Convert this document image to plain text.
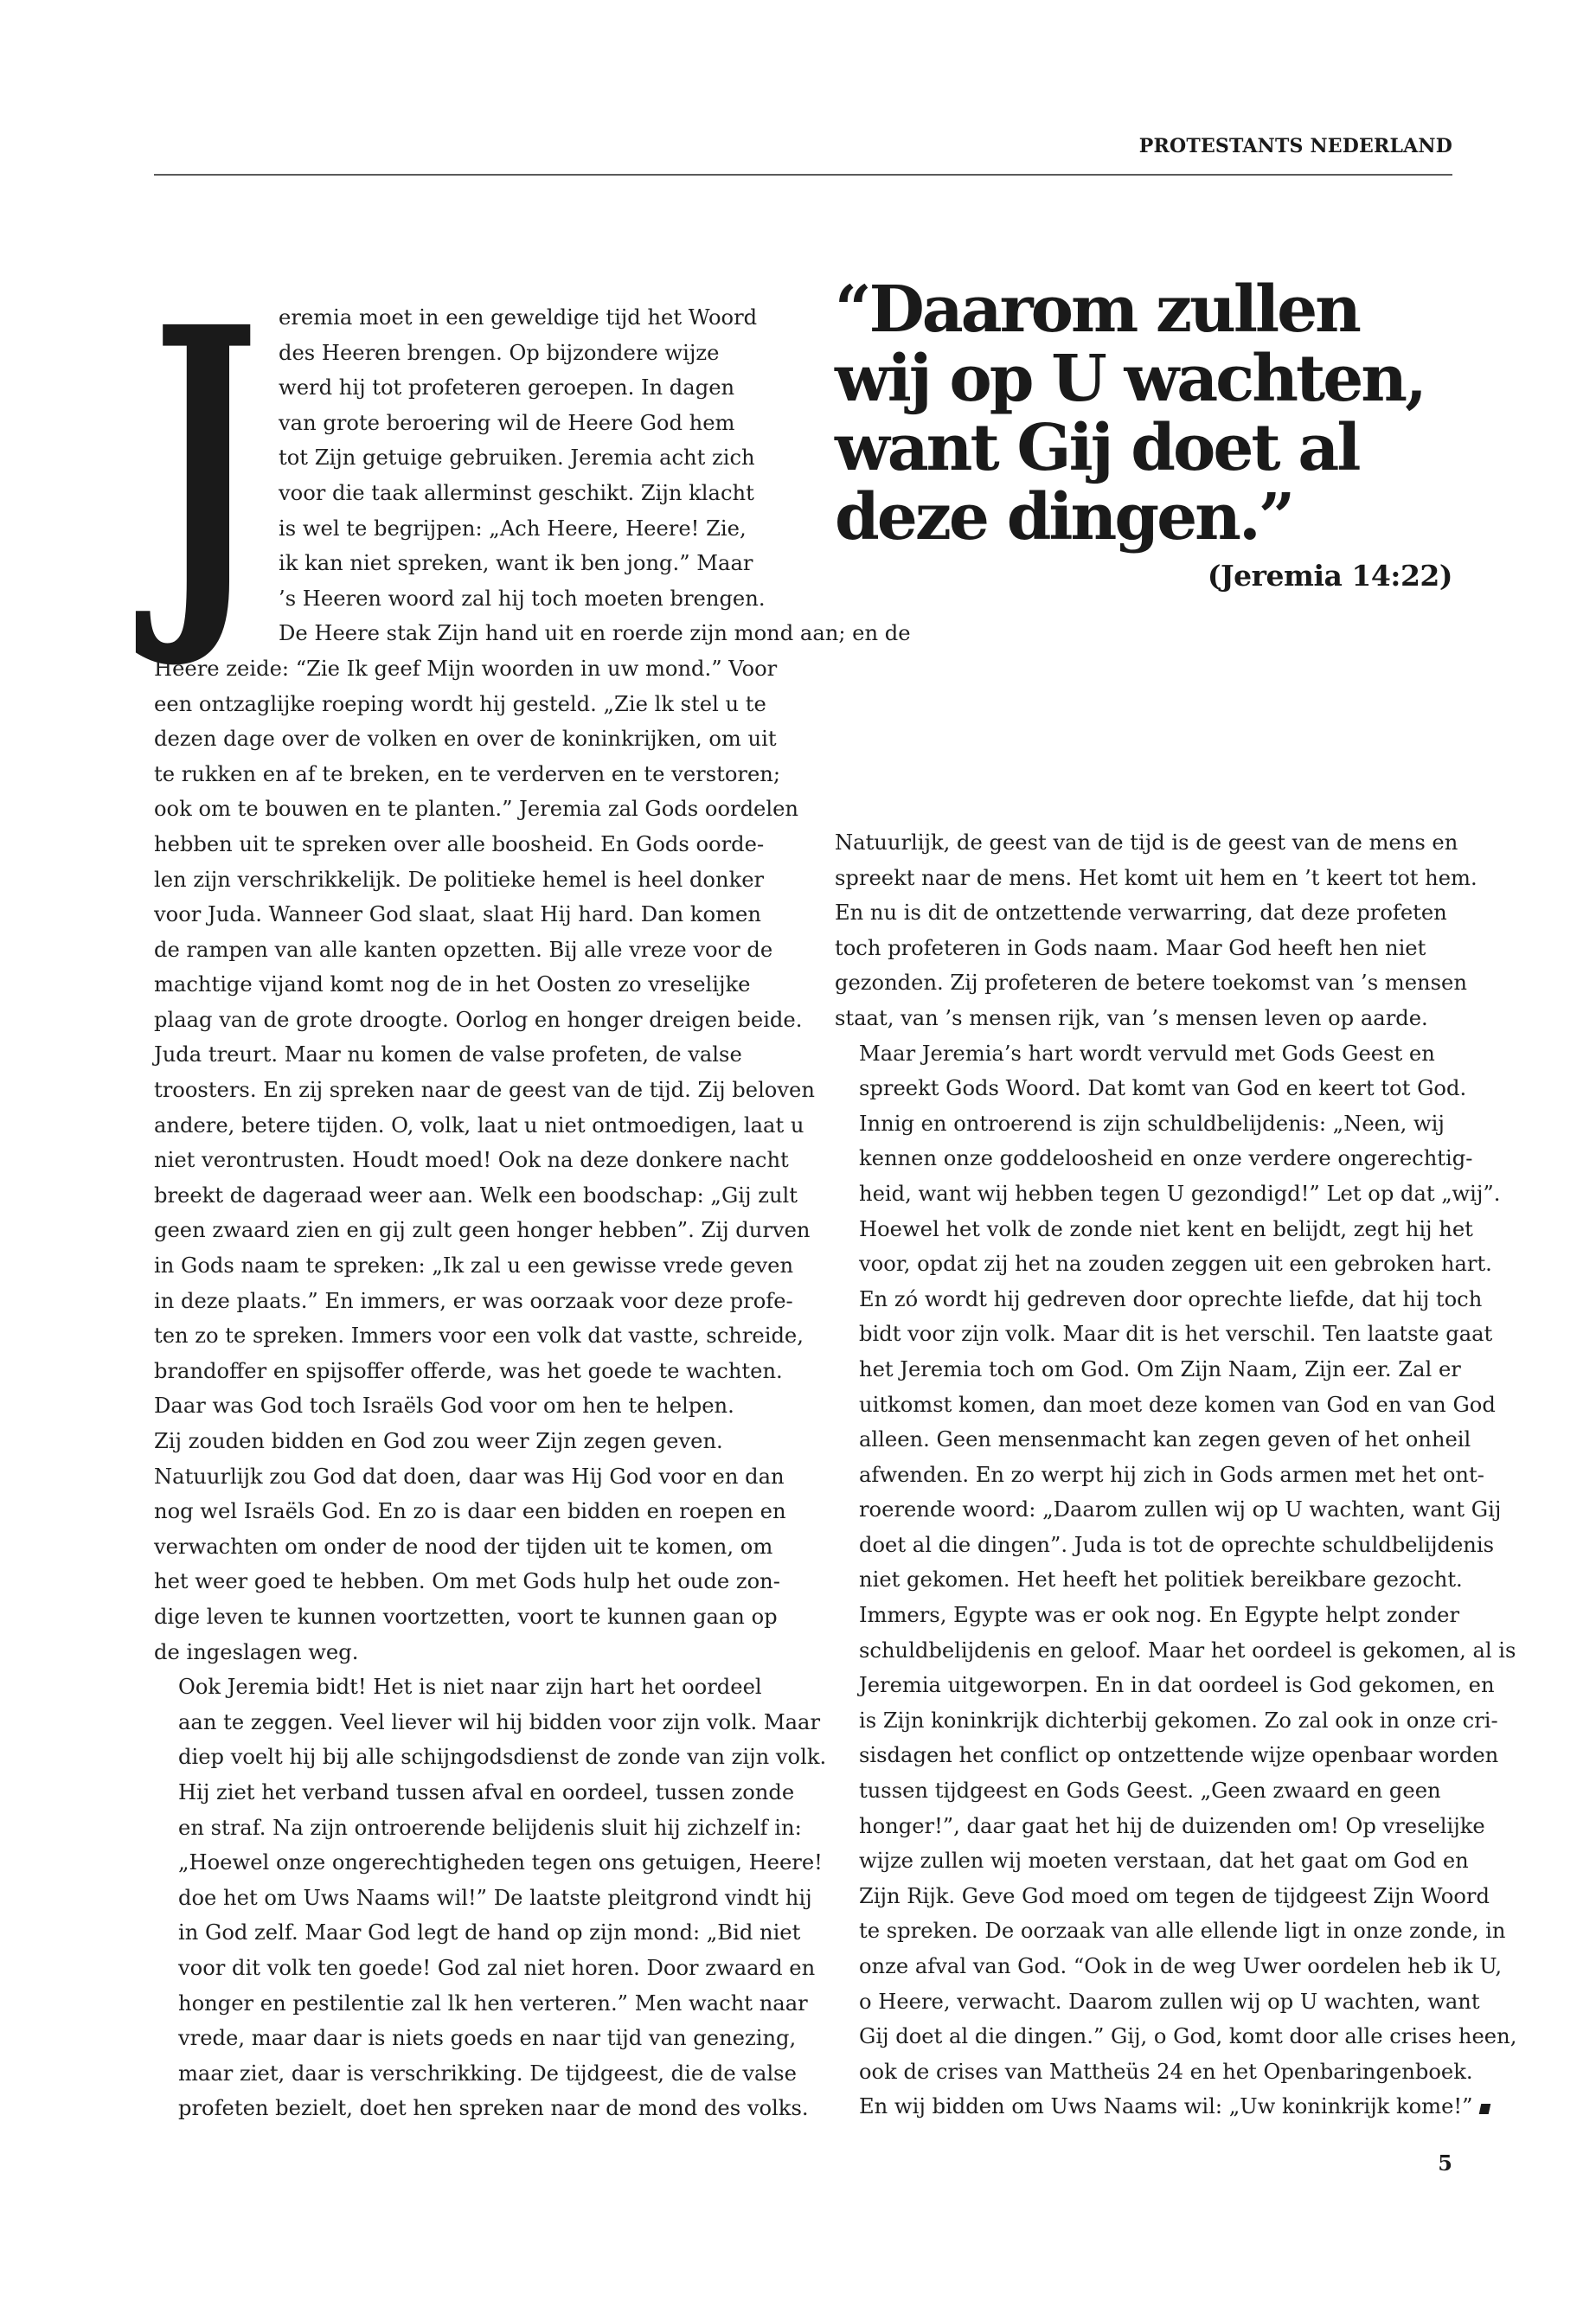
PROTESTANTS NEDERLAND

J eremia moet in een geweldige tijd het Woord
des Heeren brengen. Op bijzondere wijze
werd hij tot profeteren geroepen. In dagen
van grote beroering wil de Heere God hem
tot Zijn getuige gebruiken. Jeremia acht zich
voor die taak allerminst geschikt. Zijn klacht
is wel te begrijpen: „Ach Heere, Heere! Zie,
ik kan niet spreken, want ik ben jong.” Maar
’s Heeren woord zal hij toch moeten brengen.
De Heere stak Zijn hand uit en roerde zijn mond aan; en de
Heere zeide: “Zie Ik geef Mijn woorden in uw mond.” Voor
een ontzaglijke roeping wordt hij gesteld. „Zie lk stel u te
dezen dage over de volken en over de koninkrijken, om uit
te rukken en af te breken, en te verderven en te verstoren;
ook om te bouwen en te planten.” Jeremia zal Gods oordelen
hebben uit te spreken over alle boosheid. En Gods oorde-
len zijn verschrikkelijk. De politieke hemel is heel donker
voor Juda. Wanneer God slaat, slaat Hij hard. Dan komen
de rampen van alle kanten opzetten. Bij alle vreze voor de
machtige vijand komt nog de in het Oosten zo vreselijke
plaag van de grote droogte. Oorlog en honger dreigen beide.
Juda treurt. Maar nu komen de valse profeten, de valse
troosters. En zij spreken naar de geest van de tijd. Zij beloven
andere, betere tijden. O, volk, laat u niet ontmoedigen, laat u
niet verontrusten. Houdt moed! Ook na deze donkere nacht
breekt de dageraad weer aan. Welk een boodschap: „Gij zult
geen zwaard zien en gij zult geen honger hebben”. Zij durven
in Gods naam te spreken: „Ik zal u een gewisse vrede geven
in deze plaats.” En immers, er was oorzaak voor deze profe-
ten zo te spreken. Immers voor een volk dat vastte, schreide,
brandoffer en spijsoffer offerde, was het goede te wachten.
Daar was God toch Israëls God voor om hen te helpen.
Zij zouden bidden en God zou weer Zijn zegen geven.
Natuurlijk zou God dat doen, daar was Hij God voor en dan
nog wel Israëls God. En zo is daar een bidden en roepen en
verwachten om onder de nood der tijden uit te komen, om
het weer goed te hebben. Om met Gods hulp het oude zon-
dige leven te kunnen voortzetten, voort te kunnen gaan op
de ingeslagen weg.

Ook Jeremia bidt! Het is niet naar zijn hart het oordeel
aan te zeggen. Veel liever wil hij bidden voor zijn volk. Maar
diep voelt hij bij alle schijngodsdienst de zonde van zijn volk.
Hij ziet het verband tussen afval en oordeel, tussen zonde
en straf. Na zijn ontroerende belijdenis sluit hij zichzelf in:
„Hoewel onze ongerechtigheden tegen ons getuigen, Heere!
doe het om Uws Naams wil!” De laatste pleitgrond vindt hij
in God zelf. Maar God legt de hand op zijn mond: „Bid niet
voor dit volk ten goede! God zal niet horen. Door zwaard en
honger en pestilentie zal lk hen verteren.” Men wacht naar
vrede, maar daar is niets goeds en naar tijd van genezing,
maar ziet, daar is verschrikking. De tijdgeest, die de valse
profeten bezielt, doet hen spreken naar de mond des volks.

“Daarom zullen
wij op U wachten,
want Gij doet al
deze dingen.”
(Jeremia 14:22)

Natuurlijk, de geest van de tijd is de geest van de mens en
spreekt naar de mens. Het komt uit hem en ’t keert tot hem.
En nu is dit de ontzettende verwarring, dat deze profeten
toch profeteren in Gods naam. Maar God heeft hen niet
gezonden. Zij profeteren de betere toekomst van ’s mensen
staat, van ’s mensen rijk, van ’s mensen leven op aarde.

Maar Jeremia’s hart wordt vervuld met Gods Geest en
spreekt Gods Woord. Dat komt van God en keert tot God.
Innig en ontroerend is zijn schuldbelijdenis: „Neen, wij
kennen onze goddeloosheid en onze verdere ongerechtig-
heid, want wij hebben tegen U gezondigd!” Let op dat „wij”.
Hoewel het volk de zonde niet kent en belijdt, zegt hij het
voor, opdat zij het na zouden zeggen uit een gebroken hart.
En zó wordt hij gedreven door oprechte liefde, dat hij toch
bidt voor zijn volk. Maar dit is het verschil. Ten laatste gaat
het Jeremia toch om God. Om Zijn Naam, Zijn eer. Zal er
uitkomst komen, dan moet deze komen van God en van God
alleen. Geen mensenmacht kan zegen geven of het onheil
afwenden. En zo werpt hij zich in Gods armen met het ont-
roerende woord: „Daarom zullen wij op U wachten, want Gij
doet al die dingen”. Juda is tot de oprechte schuldbelijdenis
niet gekomen. Het heeft het politiek bereikbare gezocht.
Immers, Egypte was er ook nog. En Egypte helpt zonder
schuldbelijdenis en geloof. Maar het oordeel is gekomen, al is
Jeremia uitgeworpen. En in dat oordeel is God gekomen, en
is Zijn koninkrijk dichterbij gekomen. Zo zal ook in onze cri-
sisdagen het conflict op ontzettende wijze openbaar worden
tussen tijdgeest en Gods Geest. „Geen zwaard en geen
honger!”, daar gaat het hij de duizenden om! Op vreselijke
wijze zullen wij moeten verstaan, dat het gaat om God en
Zijn Rijk. Geve God moed om tegen de tijdgeest Zijn Woord
te spreken. De oorzaak van alle ellende ligt in onze zonde, in
onze afval van God. “Ook in de weg Uwer oordelen heb ik U,
o Heere, verwacht. Daarom zullen wij op U wachten, want
Gij doet al die dingen.” Gij, o God, komt door alle crises heen,
ook de crises van Mattheüs 24 en het Openbaringenboek.
En wij bidden om Uws Naams wil: „Uw koninkrijk kome!”

5
